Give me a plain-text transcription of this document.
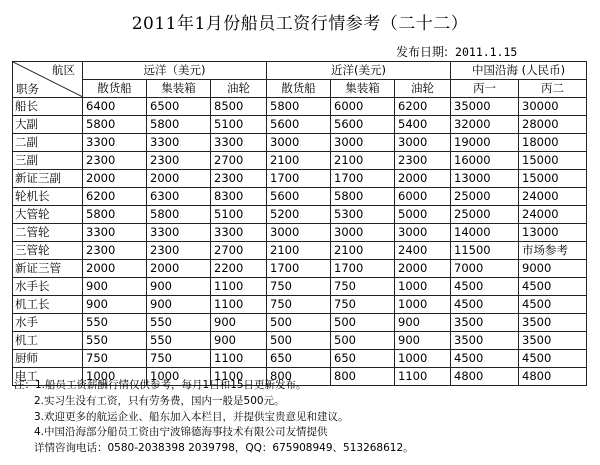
2011年1月份船员工资行情参考（二十二）
发布日期: 2011.1.15
航区
职务	远洋（美元)			近洋(美元)			中国沿海 (人民币)	
	散货船	集装箱	油轮	散货船	集装箱	油轮	丙一	丙二
船长	6400	6500	8500	5800	6000	6200	35000	30000
大副	5800	5800	5100	5600	5600	5400	32000	28000
二副	3300	3300	3300	3000	3000	3000	19000	18000
三副	2300	2300	2700	2100	2100	2300	16000	15000
新证三副	2000	2000	2300	1700	1700	2000	13000	15000
轮机长	6200	6300	8300	5600	5800	6000	25000	24000
大管轮	5800	5800	5100	5200	5300	5000	25000	24000
二管轮	3300	3300	3300	3000	3000	3000	14000	13000
三管轮	2300	2300	2700	2100	2100	2400	11500	市场参考
新证三管	2000	2000	2200	1700	1700	2000	7000	9000
水手长	900	900	1100	750	750	1000	4500	4500
机工长	900	900	1100	750	750	1000	4500	4500
水手	550	550	900	500	500	900	3500	3500
机工	550	550	900	500	500	900	3500	3500
厨师	750	750	1100	650	650	1000	4500	4500
电工	1000	1000	1100	800	800	1100	4800	4800
注：1.船员工资薪酬行情仅供参考，每月1日和15日更新发布。
2.实习生没有工资，只有劳务费，国内一般是500元。
3.欢迎更多的航运企业、船东加入本栏目，并提供宝贵意见和建议。
4.中国沿海部分船员工资由宁波锦德海事技术有限公司友情提供
详情咨询电话：0580-2038398 2039798，QQ：675908949、513268612。
